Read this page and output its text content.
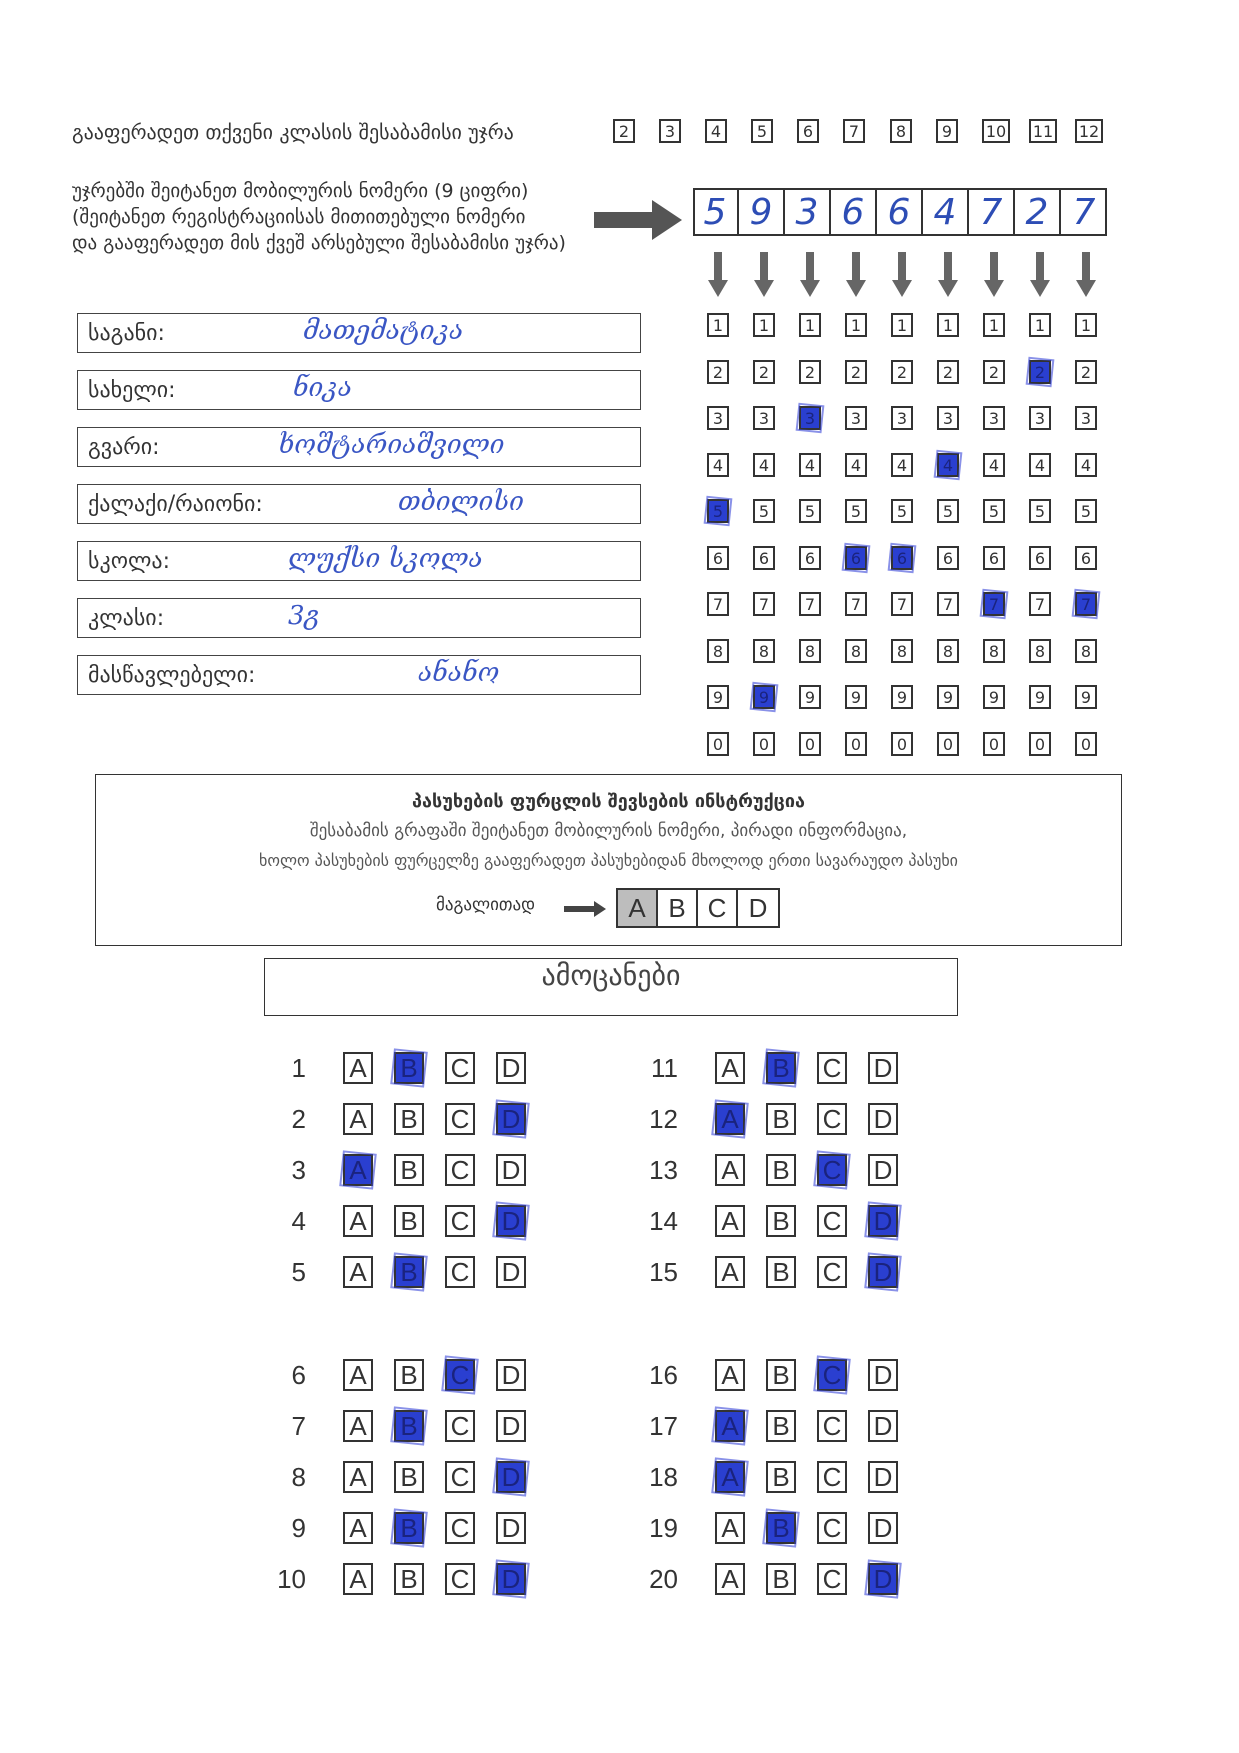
გააფერადეთ თქვენი კლასის შესაბამისი უჯრა	2	3	4	5	6	7	8	9	10 11 12
უჯრებში შეიტანეთ მობილურის ნომერი (9 ციფრი)
(შეიტანეთ რეგისტრაციისას მითითებული ნომერი
და გააფერადეთ მის ქვეშ არსებული შესაბამისი უჯრა)
5 9 3 6 6 4 7 2 7
1	1	1	1	1	1	1	1	1
2	2	2	2	2	2	2	2	2
3	3	3	3	3	3	3	3	3
4	4	4	4	4	4	4	4	4
5	5	5	5	5	5	5	5	5
6	6	6	6	6	6	6	6	6
7	7	7	7	7	7	7	7	7
8	8	8	8	8	8	8	8	8
9	9	9	9	9	9	9	9	9
0	0	0	0	0	0	0	0	0
საგანი:	მათემატიკა
სახელი:	ნიკა
გვარი:	ხოშტარიაშვილი
ქალაქი/რაიონი:	თბილისი
სკოლა:	ლუქსი სკოლა
კლასი:	3გ
მასწავლებელი:	ანანო
პასუხების ფურცლის შევსების ინსტრუქცია
შესაბამის გრაფაში შეიტანეთ მობილურის ნომერი, პირადი ინფორმაცია,
ხოლო პასუხების ფურცელზე გააფერადეთ პასუხებიდან მხოლოდ ერთი სავარაუდო პასუხი
მაგალითად	A B C D
ამოცანები
1 A B C D
2 A B C D
3 A B C D
4 A B C D
5 A B C D
6 A B C D
7 A B C D
8 A B C D
9 A B C D
10 A B C D
11 A B C D
12 A B C D
13 A B C D
14 A B C D
15 A B C D
16 A B C D
17 A B C D
18 A B C D
19 A B C D
20 A B C D
